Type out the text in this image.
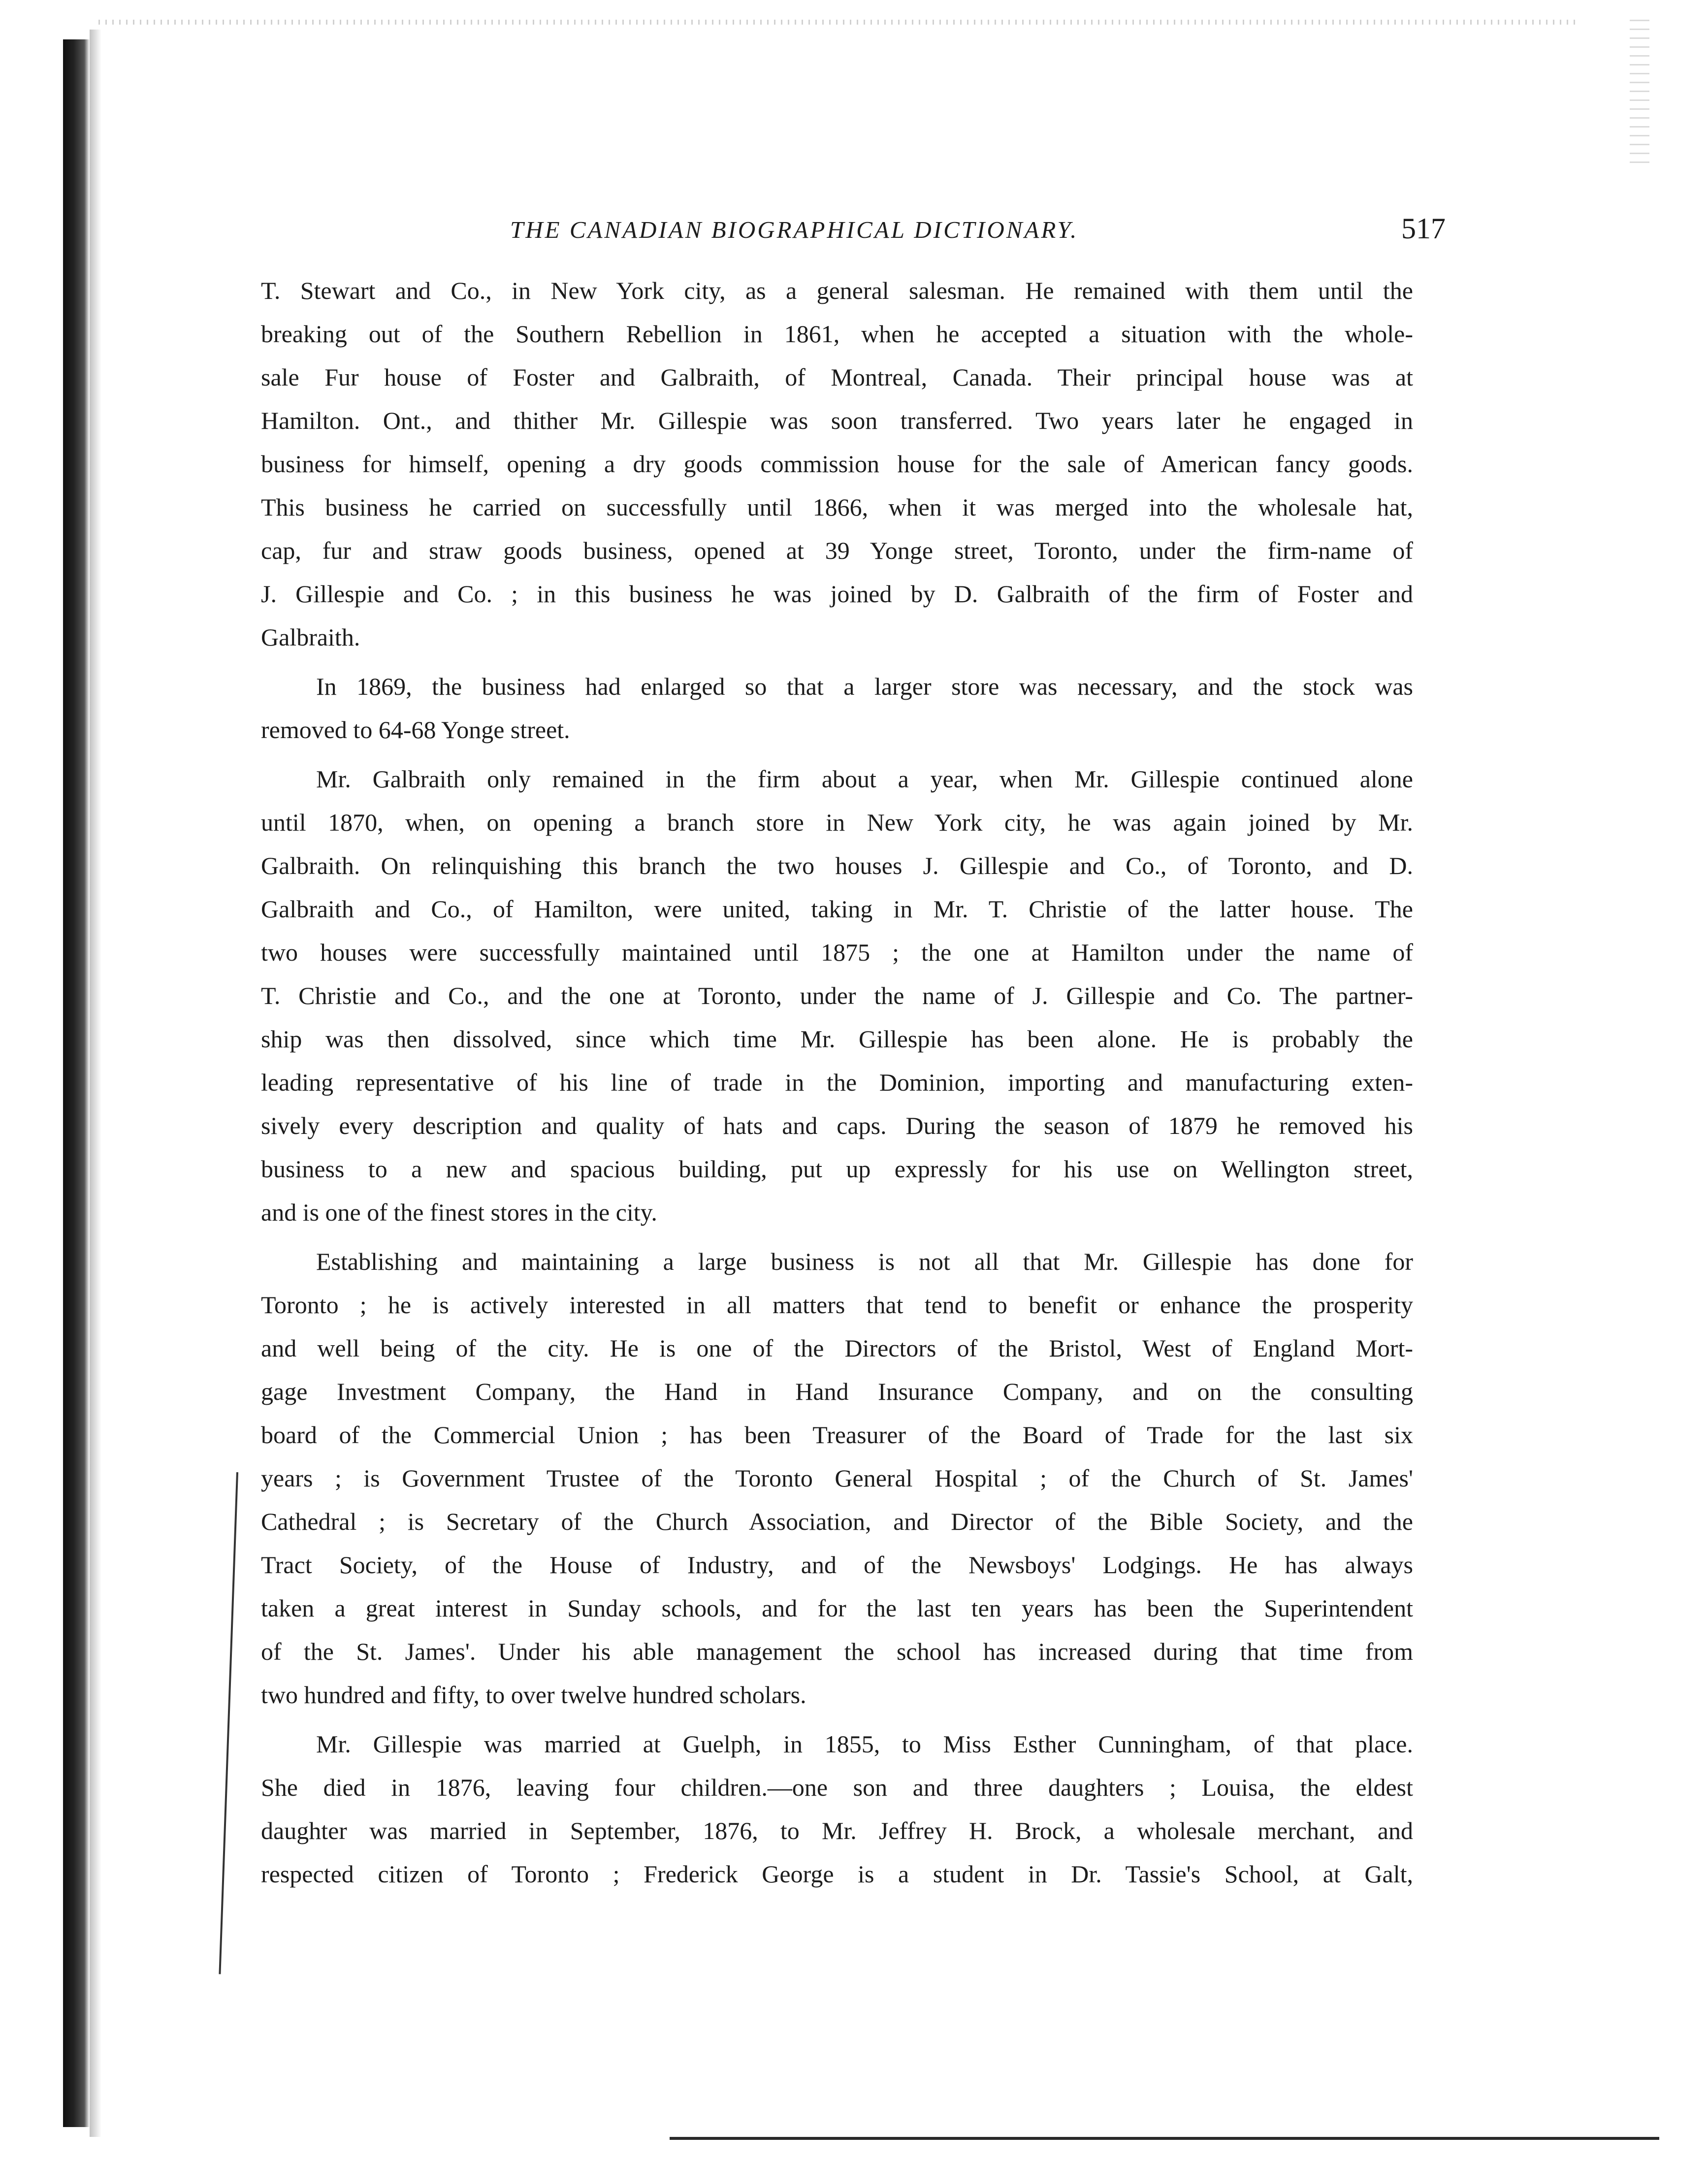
THE CANADIAN BIOGRAPHICAL DICTIONARY.	517
T. Stewart and Co., in New York city, as a general salesman. He remained with them until the
breaking out of the Southern Rebellion in 1861, when he accepted a situation with the whole-
sale Fur house of Foster and Galbraith, of Montreal, Canada. Their principal house was at
Hamilton. Ont., and thither Mr. Gillespie was soon transferred. Two years later he engaged in
business for himself, opening a dry goods commission house for the sale of American fancy goods.
This business he carried on successfully until 1866, when it was merged into the wholesale hat,
cap, fur and straw goods business, opened at 39 Yonge street, Toronto, under the firm-name of
J. Gillespie and Co. ; in this business he was joined by D. Galbraith of the firm of Foster and
Galbraith.
In 1869, the business had enlarged so that a larger store was necessary, and the stock was
removed to 64-68 Yonge street.
Mr. Galbraith only remained in the firm about a year, when Mr. Gillespie continued alone
until 1870, when, on opening a branch store in New York city, he was again joined by Mr.
Galbraith. On relinquishing this branch the two houses J. Gillespie and Co., of Toronto, and D.
Galbraith and Co., of Hamilton, were united, taking in Mr. T. Christie of the latter house. The
two houses were successfully maintained until 1875 ; the one at Hamilton under the name of
T. Christie and Co., and the one at Toronto, under the name of J. Gillespie and Co. The partner-
ship was then dissolved, since which time Mr. Gillespie has been alone. He is probably the
leading representative of his line of trade in the Dominion, importing and manufacturing exten-
sively every description and quality of hats and caps. During the season of 1879 he removed his
business to a new and spacious building, put up expressly for his use on Wellington street,
and is one of the finest stores in the city.
Establishing and maintaining a large business is not all that Mr. Gillespie has done for
Toronto ; he is actively interested in all matters that tend to benefit or enhance the prosperity
and well being of the city. He is one of the Directors of the Bristol, West of England Mort-
gage Investment Company, the Hand in Hand Insurance Company, and on the consulting
board of the Commercial Union ; has been Treasurer of the Board of Trade for the last six
years ; is Government Trustee of the Toronto General Hospital ; of the Church of St. James'
Cathedral ; is Secretary of the Church Association, and Director of the Bible Society, and the
Tract Society, of the House of Industry, and of the Newsboys' Lodgings. He has always
taken a great interest in Sunday schools, and for the last ten years has been the Superintendent
of the St. James'. Under his able management the school has increased during that time from
two hundred and fifty, to over twelve hundred scholars.
Mr. Gillespie was married at Guelph, in 1855, to Miss Esther Cunningham, of that place.
She died in 1876, leaving four children.—one son and three daughters ; Louisa, the eldest
daughter was married in September, 1876, to Mr. Jeffrey H. Brock, a wholesale merchant, and
respected citizen of Toronto ; Frederick George is a student in Dr. Tassie's School, at Galt,
